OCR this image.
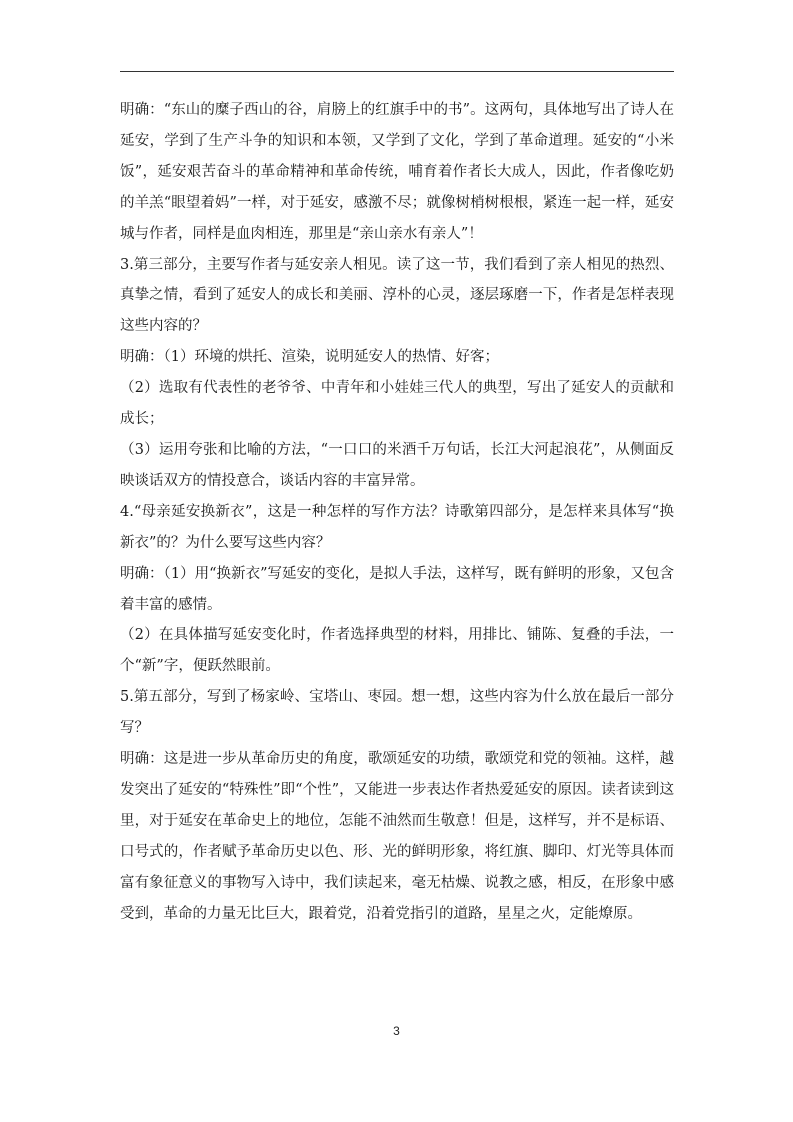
明确：“东山的糜子西山的谷，肩膀上的红旗手中的书”。这两句，具体地写出了诗人在延安，学到了生产斗争的知识和本领，又学到了文化，学到了革命道理。延安的“小米饭”，延安艰苦奋斗的革命精神和革命传统，哺育着作者长大成人，因此，作者像吃奶的羊羔“眼望着妈”一样，对于延安，感激不尽；就像树梢树根根，紧连一起一样，延安城与作者，同样是血肉相连，那里是“亲山亲水有亲人”！

3.第三部分，主要写作者与延安亲人相见。读了这一节，我们看到了亲人相见的热烈、真挚之情，看到了延安人的成长和美丽、淳朴的心灵，逐层琢磨一下，作者是怎样表现这些内容的？

明确：（1）环境的烘托、渲染，说明延安人的热情、好客；

（2）选取有代表性的老爷爷、中青年和小娃娃三代人的典型，写出了延安人的贡献和成长；

（3）运用夸张和比喻的方法，“一口口的米酒千万句话，长江大河起浪花”，从侧面反映谈话双方的情投意合，谈话内容的丰富异常。

4.“母亲延安换新衣”，这是一种怎样的写作方法？诗歌第四部分，是怎样来具体写“换新衣”的？为什么要写这些内容？

明确：（1）用“换新衣”写延安的变化，是拟人手法，这样写，既有鲜明的形象，又包含着丰富的感情。

（2）在具体描写延安变化时，作者选择典型的材料，用排比、铺陈、复叠的手法，一个“新”字，便跃然眼前。

5.第五部分，写到了杨家岭、宝塔山、枣园。想一想，这些内容为什么放在最后一部分写？

明确：这是进一步从革命历史的角度，歌颂延安的功绩，歌颂党和党的领袖。这样，越发突出了延安的“特殊性”即“个性”，又能进一步表达作者热爱延安的原因。读者读到这里，对于延安在革命史上的地位，怎能不油然而生敬意！但是，这样写，并不是标语、口号式的，作者赋予革命历史以色、形、光的鲜明形象，将红旗、脚印、灯光等具体而富有象征意义的事物写入诗中，我们读起来，毫无枯燥、说教之感，相反，在形象中感受到，革命的力量无比巨大，跟着党，沿着党指引的道路，星星之火，定能燎原。

3
